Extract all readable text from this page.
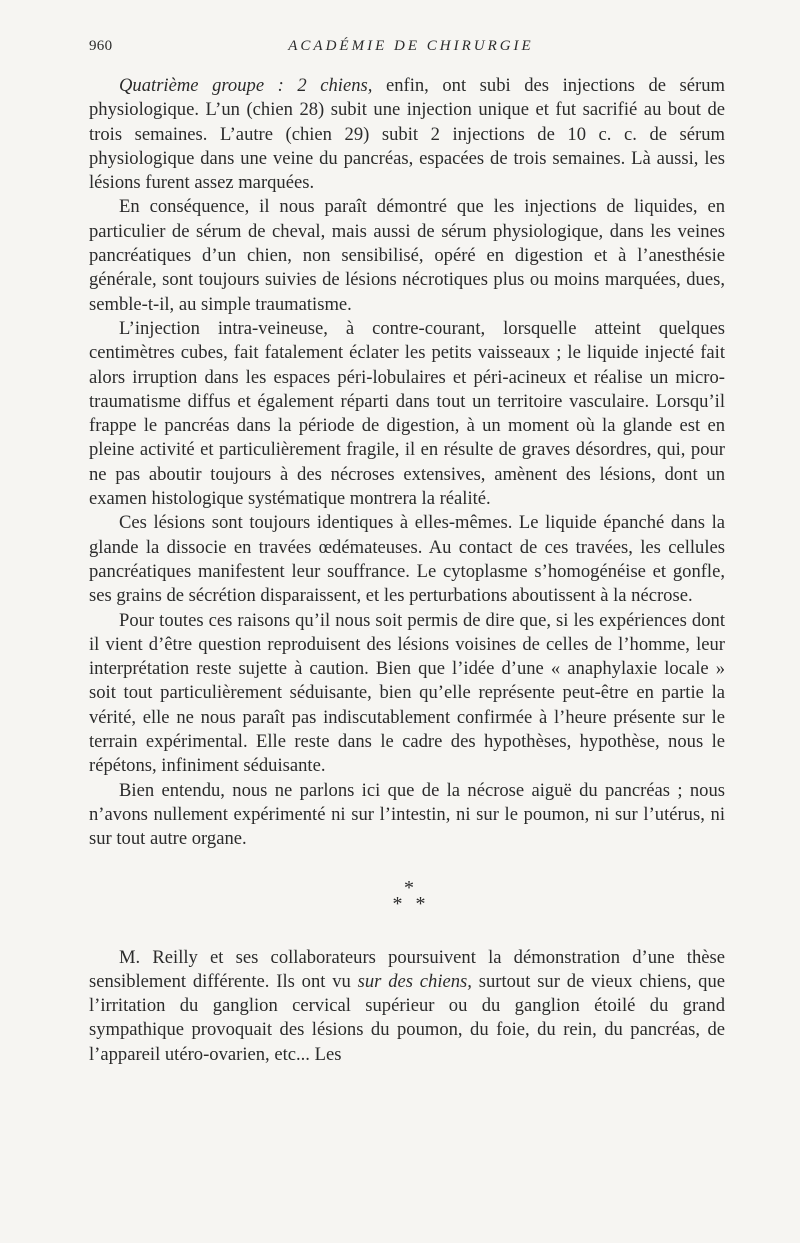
960	ACADÉMIE DE CHIRURGIE

Quatrième groupe : 2 chiens, enfin, ont subi des injections de sérum physiologique. L’un (chien 28) subit une injection unique et fut sacrifié au bout de trois semaines. L’autre (chien 29) subit 2 injections de 10 c. c. de sérum physiologique dans une veine du pancréas, espacées de trois semaines. Là aussi, les lésions furent assez marquées.

En conséquence, il nous paraît démontré que les injections de liquides, en particulier de sérum de cheval, mais aussi de sérum physiologique, dans les veines pancréatiques d’un chien, non sensibilisé, opéré en digestion et à l’anesthésie générale, sont toujours suivies de lésions nécrotiques plus ou moins marquées, dues, semble-t-il, au simple traumatisme.

L’injection intra-veineuse, à contre-courant, lorsquelle atteint quelques centimètres cubes, fait fatalement éclater les petits vaisseaux ; le liquide injecté fait alors irruption dans les espaces péri-lobulaires et péri-acineux et réalise un micro-traumatisme diffus et également réparti dans tout un territoire vasculaire. Lorsqu’il frappe le pancréas dans la période de digestion, à un moment où la glande est en pleine activité et particulièrement fragile, il en résulte de graves désordres, qui, pour ne pas aboutir toujours à des nécroses extensives, amènent des lésions, dont un examen histologique systématique montrera la réalité.

Ces lésions sont toujours identiques à elles-mêmes. Le liquide épanché dans la glande la dissocie en travées œdémateuses. Au contact de ces travées, les cellules pancréatiques manifestent leur souffrance. Le cytoplasme s’homogénéise et gonfle, ses grains de sécrétion disparaissent, et les perturbations aboutissent à la nécrose.

Pour toutes ces raisons qu’il nous soit permis de dire que, si les expériences dont il vient d’être question reproduisent des lésions voisines de celles de l’homme, leur interprétation reste sujette à caution. Bien que l’idée d’une « anaphylaxie locale » soit tout particulièrement séduisante, bien qu’elle représente peut-être en partie la vérité, elle ne nous paraît pas indiscutablement confirmée à l’heure présente sur le terrain expérimental. Elle reste dans le cadre des hypothèses, hypothèse, nous le répétons, infiniment séduisante.

Bien entendu, nous ne parlons ici que de la nécrose aiguë du pancréas ; nous n’avons nullement expérimenté ni sur l’intestin, ni sur le poumon, ni sur l’utérus, ni sur tout autre organe.

*
* *

M. Reilly et ses collaborateurs poursuivent la démonstration d’une thèse sensiblement différente. Ils ont vu sur des chiens, surtout sur de vieux chiens, que l’irritation du ganglion cervical supérieur ou du ganglion étoilé du grand sympathique provoquait des lésions du poumon, du foie, du rein, du pancréas, de l’appareil utéro-ovarien, etc... Les
